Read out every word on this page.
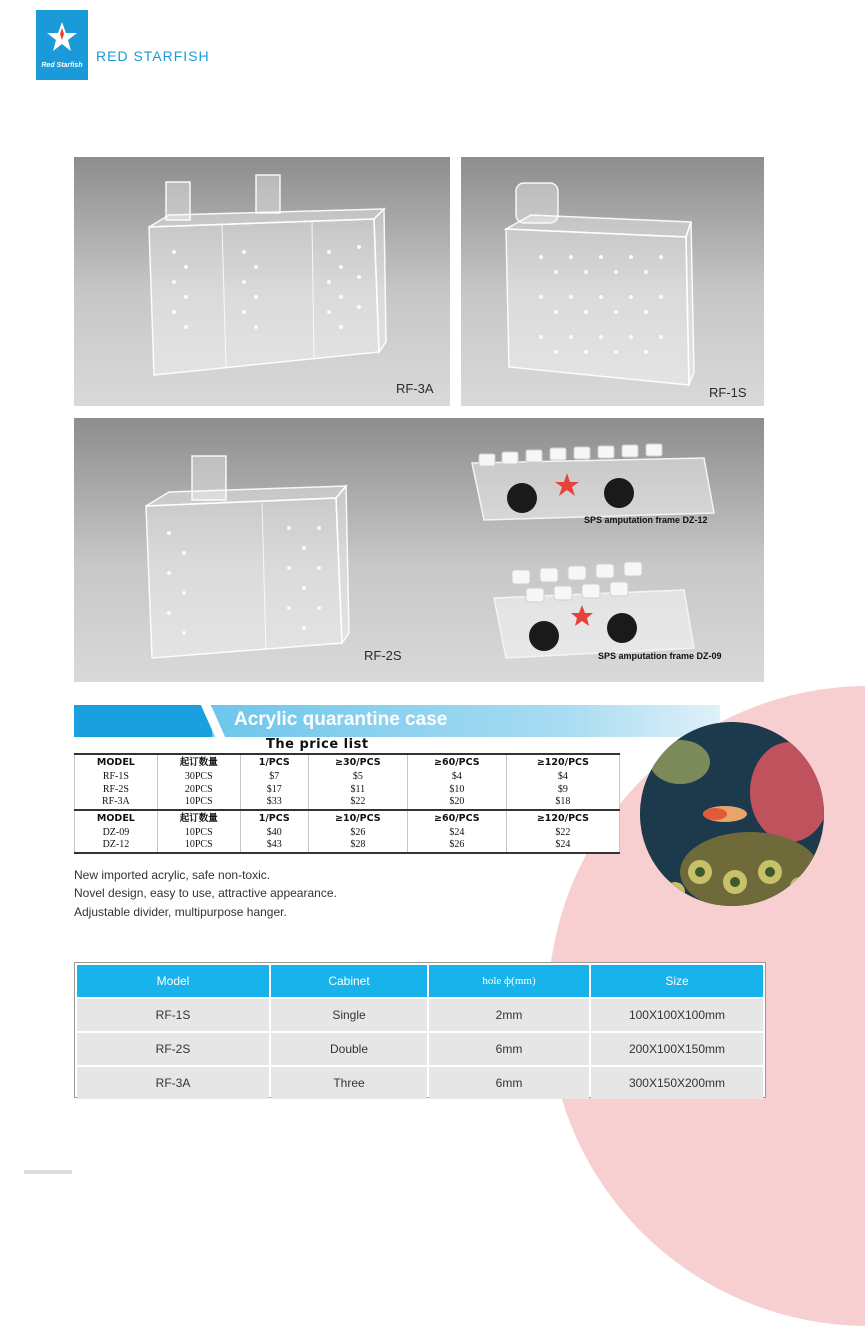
Red Starfish
RED STARFISH
RF-3A	RF-1S
RF-2S
SPS amputation frame DZ-12
SPS amputation frame DZ-09
Acrylic quarantine case
The price list
MODEL	起订数量	1/PCS	≥30/PCS	≥60/PCS	≥120/PCS
RF-1S	30PCS	$7	$5	$4	$4
RF-2S	20PCS	$17	$11	$10	$9
RF-3A	10PCS	$33	$22	$20	$18
MODEL	起订数量	1/PCS	≥10/PCS	≥60/PCS	≥120/PCS
DZ-09	10PCS	$40	$26	$24	$22
DZ-12	10PCS	$43	$28	$26	$24
New imported acrylic, safe non-toxic.
Novel design, easy to use, attractive appearance.
Adjustable divider, multipurpose hanger.
Model	Cabinet	hole ф(mm)	Size
RF-1S	Single	2mm	100X100X100mm
RF-2S	Double	6mm	200X100X150mm
RF-3A	Three	6mm	300X150X200mm
